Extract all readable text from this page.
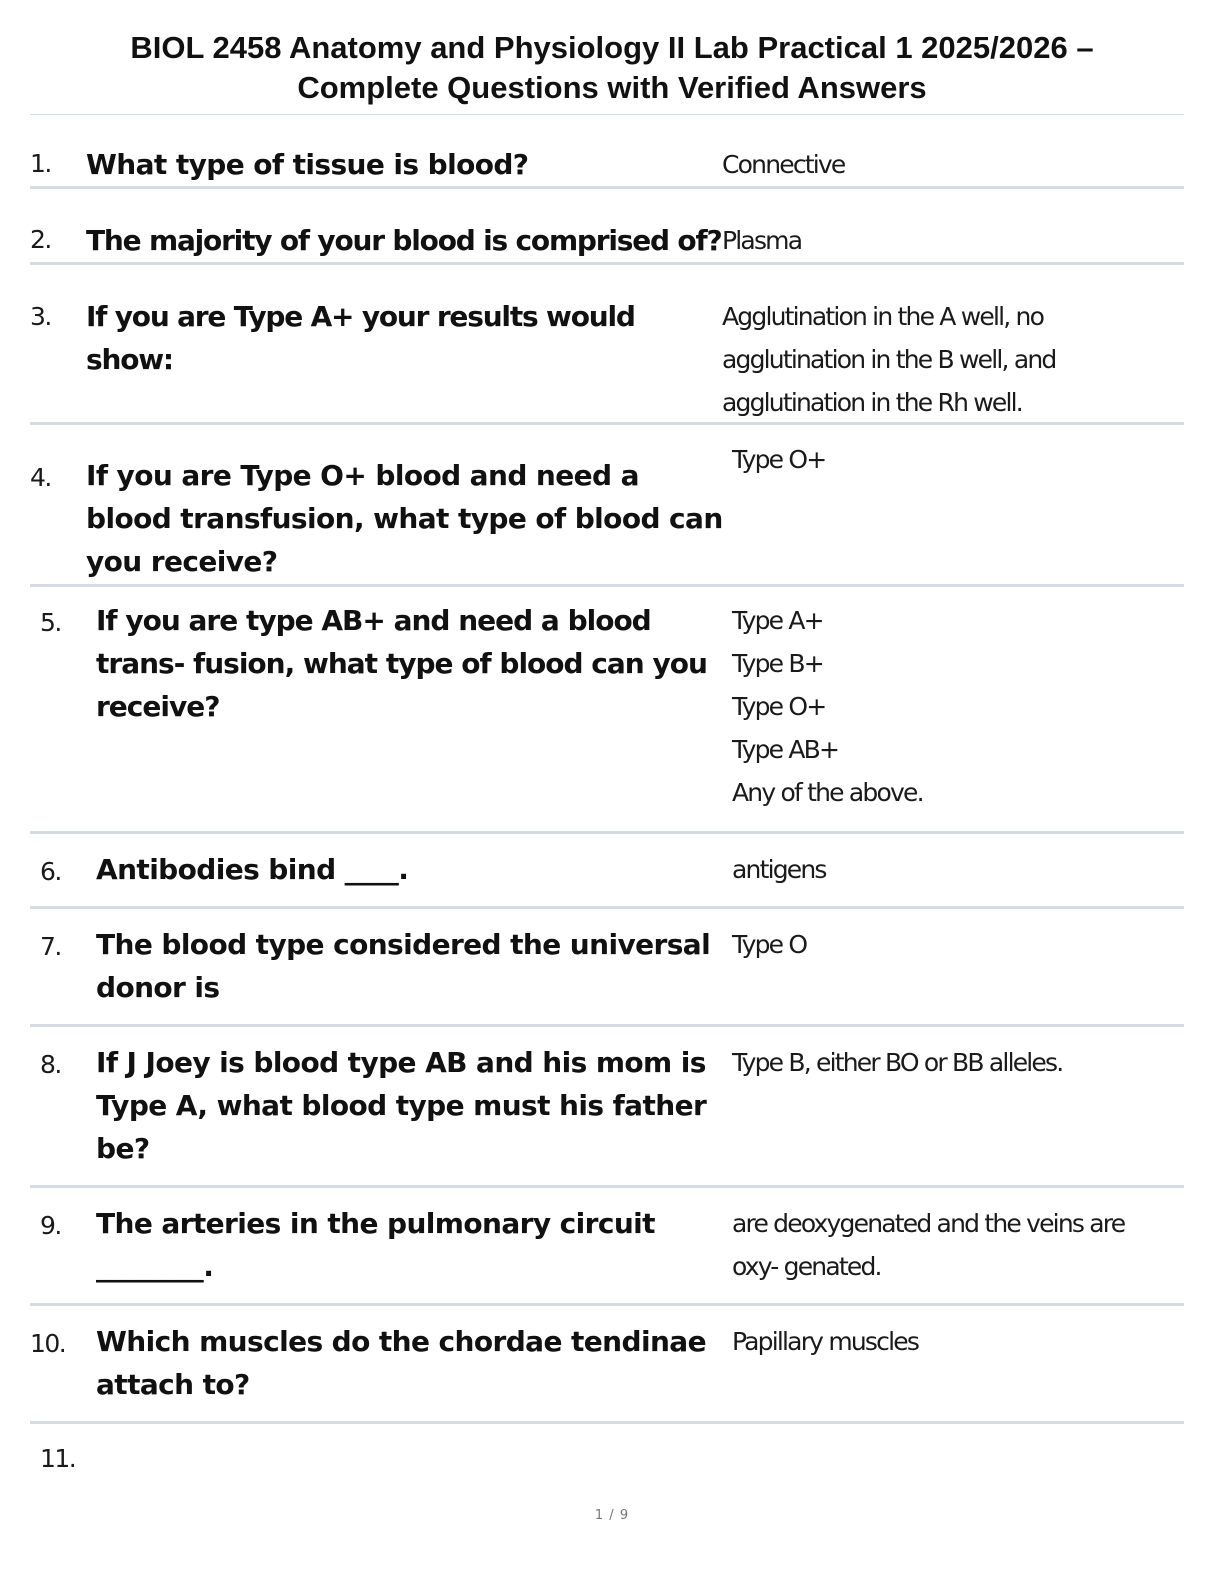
BIOL 2458 Anatomy and Physiology II Lab Practical 1 2025/2026 –
Complete Questions with Verified Answers
1. What type of tissue is blood?	Connective
2. The majority of your blood is comprised of? Plasma
3. If you are Type A+ your results would show:
Agglutination in the A well, no agglutination in the B well, and agglutination in the Rh well.
4. If you are Type O+ blood and need a blood transfusion, what type of blood can you receive?
Type O+
5. If you are type AB+ and need a blood trans- fusion, what type of blood can you receive?
Type A+
Type B+
Type O+
Type AB+
Any of the above.
6. Antibodies bind ____.	antigens
7. The blood type considered the universal donor is
Type O
8. If J Joey is blood type AB and his mom is Type A, what blood type must his father be?
Type B, either BO or BB alleles.
9. The arteries in the pulmonary circuit ________.
are deoxygenated and the veins are oxy- genated.
10. Which muscles do the chordae tendinae attach to?
Papillary muscles
11.
1 / 9
